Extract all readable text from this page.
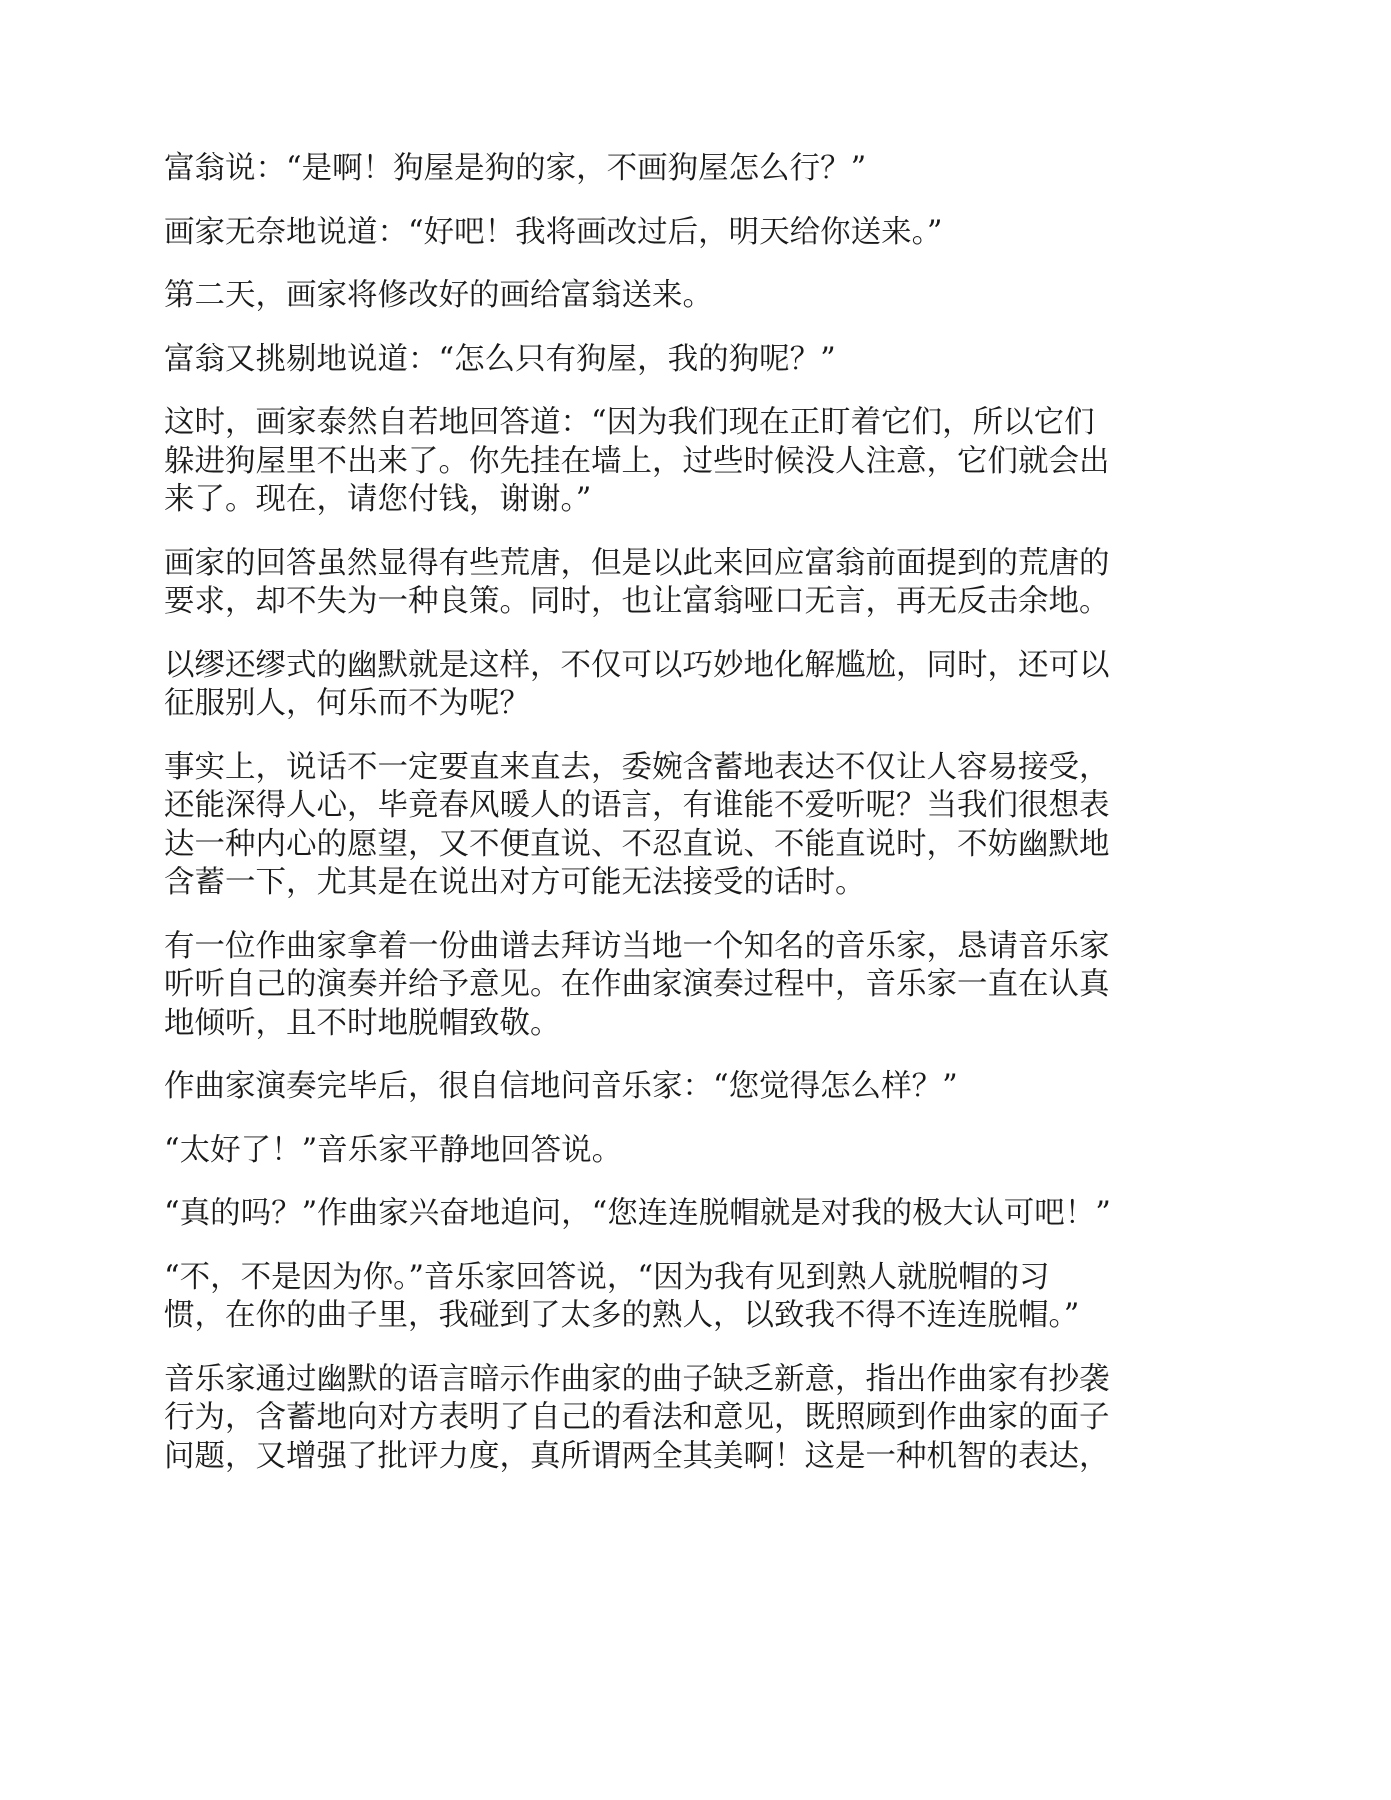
富翁说：“是啊！狗屋是狗的家，不画狗屋怎么行？”

画家无奈地说道：“好吧！我将画改过后，明天给你送来。”

第二天，画家将修改好的画给富翁送来。

富翁又挑剔地说道：“怎么只有狗屋，我的狗呢？”

这时，画家泰然自若地回答道：“因为我们现在正盯着它们，所以它们
躲进狗屋里不出来了。你先挂在墙上，过些时候没人注意，它们就会出
来了。现在，请您付钱，谢谢。”

画家的回答虽然显得有些荒唐，但是以此来回应富翁前面提到的荒唐的
要求，却不失为一种良策。同时，也让富翁哑口无言，再无反击余地。

以缪还缪式的幽默就是这样，不仅可以巧妙地化解尴尬，同时，还可以
征服别人，何乐而不为呢？

事实上，说话不一定要直来直去，委婉含蓄地表达不仅让人容易接受，
还能深得人心，毕竟春风暖人的语言，有谁能不爱听呢？当我们很想表
达一种内心的愿望，又不便直说、不忍直说、不能直说时，不妨幽默地
含蓄一下，尤其是在说出对方可能无法接受的话时。

有一位作曲家拿着一份曲谱去拜访当地一个知名的音乐家，恳请音乐家
听听自己的演奏并给予意见。在作曲家演奏过程中，音乐家一直在认真
地倾听，且不时地脱帽致敬。

作曲家演奏完毕后，很自信地问音乐家：“您觉得怎么样？”

“太好了！”音乐家平静地回答说。

“真的吗？”作曲家兴奋地追问，“您连连脱帽就是对我的极大认可吧！”

“不，不是因为你。”音乐家回答说，“因为我有见到熟人就脱帽的习
惯，在你的曲子里，我碰到了太多的熟人，以致我不得不连连脱帽。”

音乐家通过幽默的语言暗示作曲家的曲子缺乏新意，指出作曲家有抄袭
行为，含蓄地向对方表明了自己的看法和意见，既照顾到作曲家的面子
问题，又增强了批评力度，真所谓两全其美啊！这是一种机智的表达，
